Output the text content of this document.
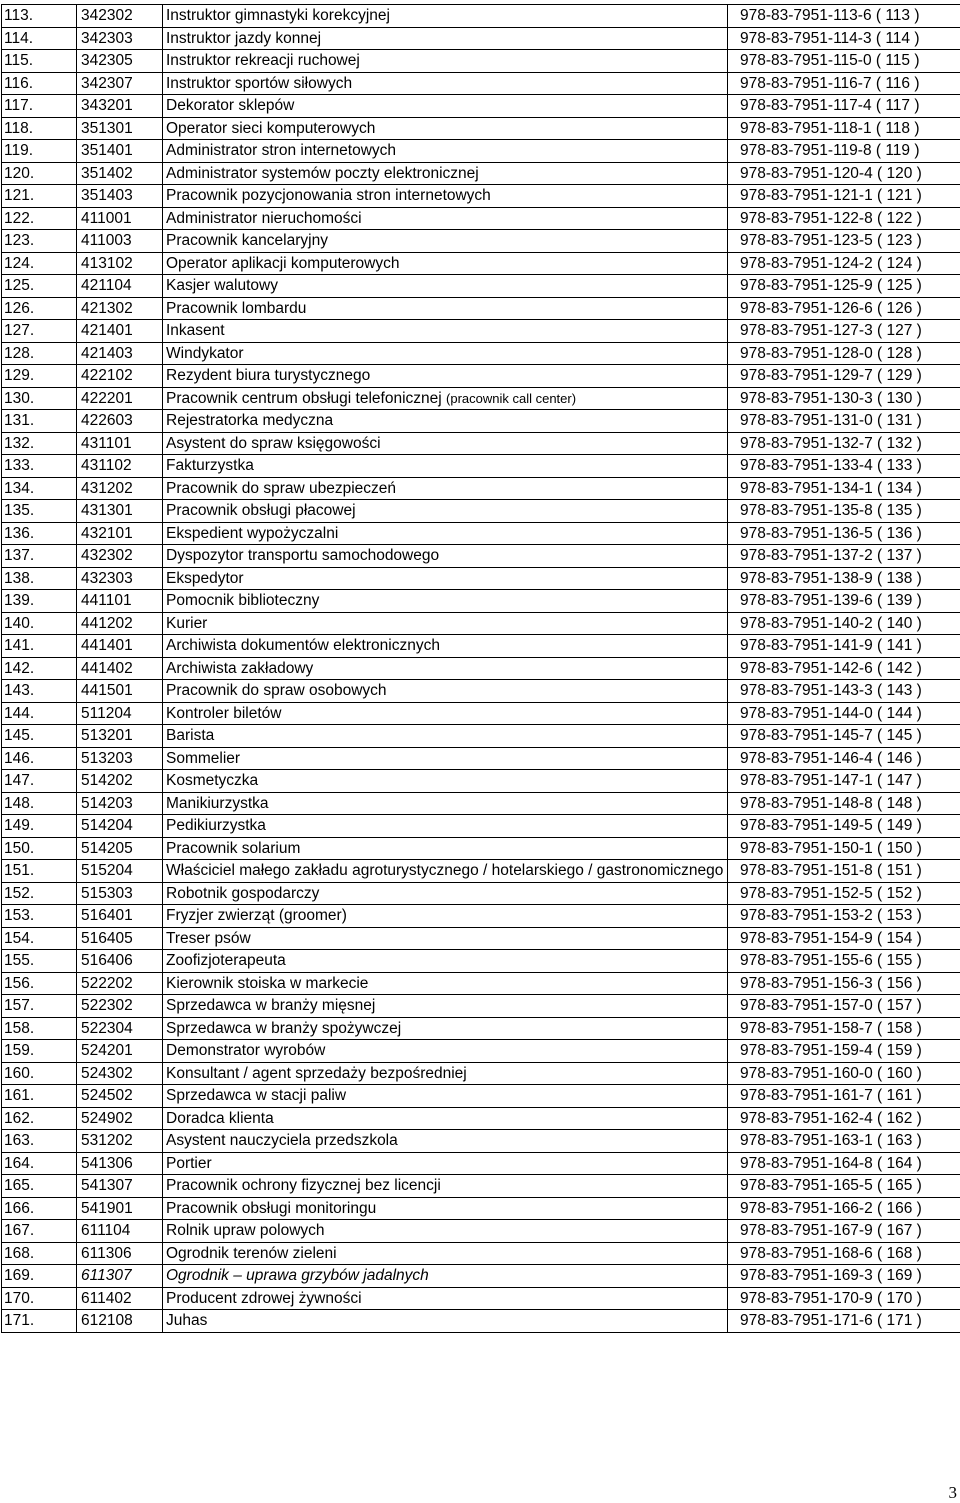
113.	342302	Instruktor gimnastyki korekcyjnej	978-83-7951-113-6 ( 113 )
114.	342303	Instruktor jazdy konnej	978-83-7951-114-3 ( 114 )
115.	342305	Instruktor rekreacji ruchowej	978-83-7951-115-0 ( 115 )
116.	342307	Instruktor sportów siłowych	978-83-7951-116-7 ( 116 )
117.	343201	Dekorator sklepów	978-83-7951-117-4 ( 117 )
118.	351301	Operator sieci komputerowych	978-83-7951-118-1 ( 118 )
119.	351401	Administrator stron internetowych	978-83-7951-119-8 ( 119 )
120.	351402	Administrator systemów poczty elektronicznej	978-83-7951-120-4 ( 120 )
121.	351403	Pracownik pozycjonowania stron internetowych	978-83-7951-121-1 ( 121 )
122.	411001	Administrator nieruchomości	978-83-7951-122-8 ( 122 )
123.	411003	Pracownik kancelaryjny	978-83-7951-123-5 ( 123 )
124.	413102	Operator aplikacji komputerowych	978-83-7951-124-2 ( 124 )
125.	421104	Kasjer walutowy	978-83-7951-125-9 ( 125 )
126.	421302	Pracownik lombardu	978-83-7951-126-6 ( 126 )
127.	421401	Inkasent	978-83-7951-127-3 ( 127 )
128.	421403	Windykator	978-83-7951-128-0 ( 128 )
129.	422102	Rezydent biura turystycznego	978-83-7951-129-7 ( 129 )
130.	422201	Pracownik centrum obsługi telefonicznej (pracownik call center)	978-83-7951-130-3 ( 130 )
131.	422603	Rejestratorka medyczna	978-83-7951-131-0 ( 131 )
132.	431101	Asystent do spraw księgowości	978-83-7951-132-7 ( 132 )
133.	431102	Fakturzystka	978-83-7951-133-4 ( 133 )
134.	431202	Pracownik do spraw ubezpieczeń	978-83-7951-134-1 ( 134 )
135.	431301	Pracownik obsługi płacowej	978-83-7951-135-8 ( 135 )
136.	432101	Ekspedient wypożyczalni	978-83-7951-136-5 ( 136 )
137.	432302	Dyspozytor transportu samochodowego	978-83-7951-137-2 ( 137 )
138.	432303	Ekspedytor	978-83-7951-138-9 ( 138 )
139.	441101	Pomocnik biblioteczny	978-83-7951-139-6 ( 139 )
140.	441202	Kurier	978-83-7951-140-2 ( 140 )
141.	441401	Archiwista dokumentów elektronicznych	978-83-7951-141-9 ( 141 )
142.	441402	Archiwista zakładowy	978-83-7951-142-6 ( 142 )
143.	441501	Pracownik do spraw osobowych	978-83-7951-143-3 ( 143 )
144.	511204	Kontroler biletów	978-83-7951-144-0 ( 144 )
145.	513201	Barista	978-83-7951-145-7 ( 145 )
146.	513203	Sommelier	978-83-7951-146-4 ( 146 )
147.	514202	Kosmetyczka	978-83-7951-147-1 ( 147 )
148.	514203	Manikiurzystka	978-83-7951-148-8 ( 148 )
149.	514204	Pedikiurzystka	978-83-7951-149-5 ( 149 )
150.	514205	Pracownik solarium	978-83-7951-150-1 ( 150 )
151.	515204	Właściciel małego zakładu agroturystycznego / hotelarskiego / gastronomicznego	978-83-7951-151-8 ( 151 )
152.	515303	Robotnik gospodarczy	978-83-7951-152-5 ( 152 )
153.	516401	Fryzjer zwierząt (groomer)	978-83-7951-153-2 ( 153 )
154.	516405	Treser psów	978-83-7951-154-9 ( 154 )
155.	516406	Zoofizjoterapeuta	978-83-7951-155-6 ( 155 )
156.	522202	Kierownik stoiska w markecie	978-83-7951-156-3 ( 156 )
157.	522302	Sprzedawca w branży mięsnej	978-83-7951-157-0 ( 157 )
158.	522304	Sprzedawca w branży spożywczej	978-83-7951-158-7 ( 158 )
159.	524201	Demonstrator wyrobów	978-83-7951-159-4 ( 159 )
160.	524302	Konsultant / agent sprzedaży bezpośredniej	978-83-7951-160-0 ( 160 )
161.	524502	Sprzedawca w stacji paliw	978-83-7951-161-7 ( 161 )
162.	524902	Doradca klienta	978-83-7951-162-4 ( 162 )
163.	531202	Asystent nauczyciela przedszkola	978-83-7951-163-1 ( 163 )
164.	541306	Portier	978-83-7951-164-8 ( 164 )
165.	541307	Pracownik ochrony fizycznej bez licencji	978-83-7951-165-5 ( 165 )
166.	541901	Pracownik obsługi monitoringu	978-83-7951-166-2 ( 166 )
167.	611104	Rolnik upraw polowych	978-83-7951-167-9 ( 167 )
168.	611306	Ogrodnik terenów zieleni	978-83-7951-168-6 ( 168 )
169.	611307	Ogrodnik – uprawa grzybów jadalnych	978-83-7951-169-3 ( 169 )
170.	611402	Producent zdrowej żywności	978-83-7951-170-9 ( 170 )
171.	612108	Juhas	978-83-7951-171-6 ( 171 )
3
